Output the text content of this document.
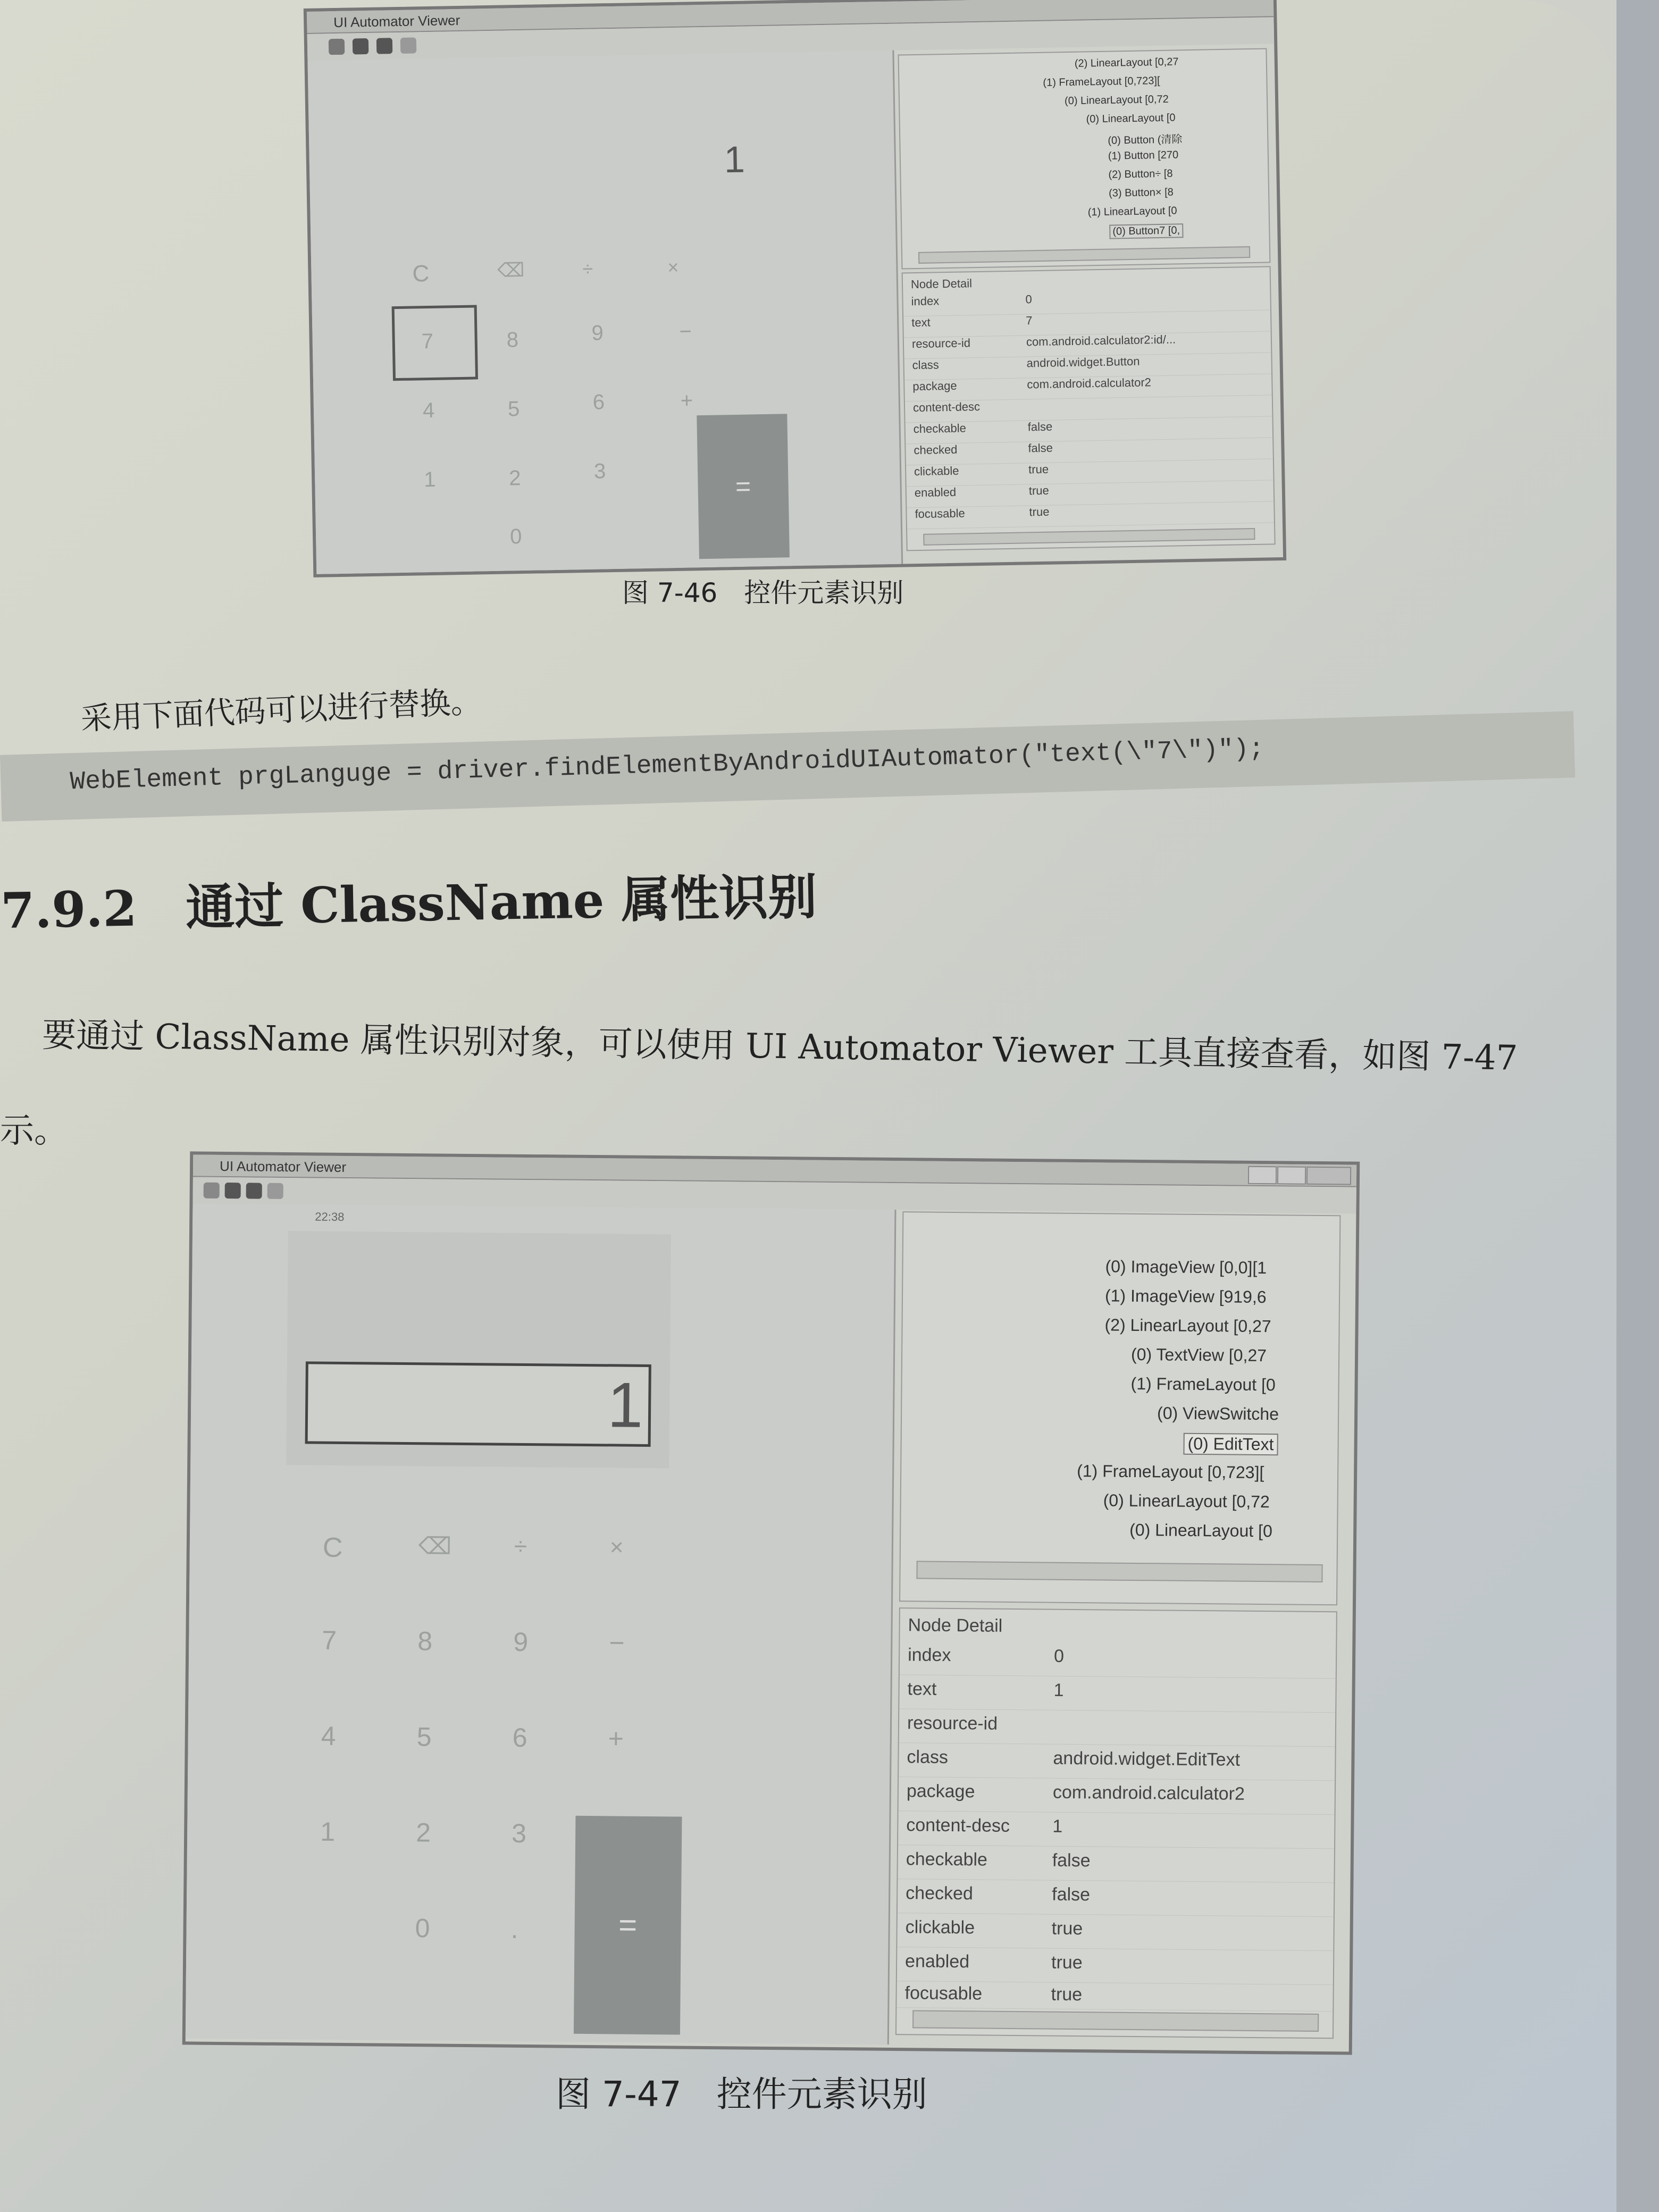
UI Automator Viewer
1
C	⌫	÷	×
7	8	9	−
4	5	6	+
1	2	3
0
=
(2) LinearLayout [0,27
(1) FrameLayout [0,723][
(0) LinearLayout [0,72
(0) LinearLayout [0
(0) Button (清除
(1) Button [270
(2) Button÷ [8
(3) Button× [8
(1) LinearLayout [0
(0) Button7 [0,
Node Detail
index	0
text	7
resource-id	com.android.calculator2:id/...
class	android.widget.Button
package	com.android.calculator2
content-desc
checkable	false
checked	false
clickable	true
enabled	true
focusable	true
图 7-46　控件元素识别
采用下面代码可以进行替换。
WebElement prgLanguge = driver.findElementByAndroidUIAutomator("text(\"7\")");
7.9.2　通过 ClassName 属性识别
要通过 ClassName 属性识别对象，可以使用 UI Automator Viewer 工具直接查看，如图 7-47
示。
UI Automator Viewer
22:38
1
C	⌫	÷	×
7	8	9	−
4	5	6	+
1	2	3
0	.	=
(0) ImageView [0,0][1
(1) ImageView [919,6
(2) LinearLayout [0,27
(0) TextView [0,27
(1) FrameLayout [0
(0) ViewSwitche
(0) EditText
(1) FrameLayout [0,723][
(0) LinearLayout [0,72
(0) LinearLayout [0
Node Detail
index	0
text	1
resource-id
class	android.widget.EditText
package	com.android.calculator2
content-desc 1
checkable	false
checked	false
clickable	true
enabled	true
focusable	true
图 7-47　控件元素识别
